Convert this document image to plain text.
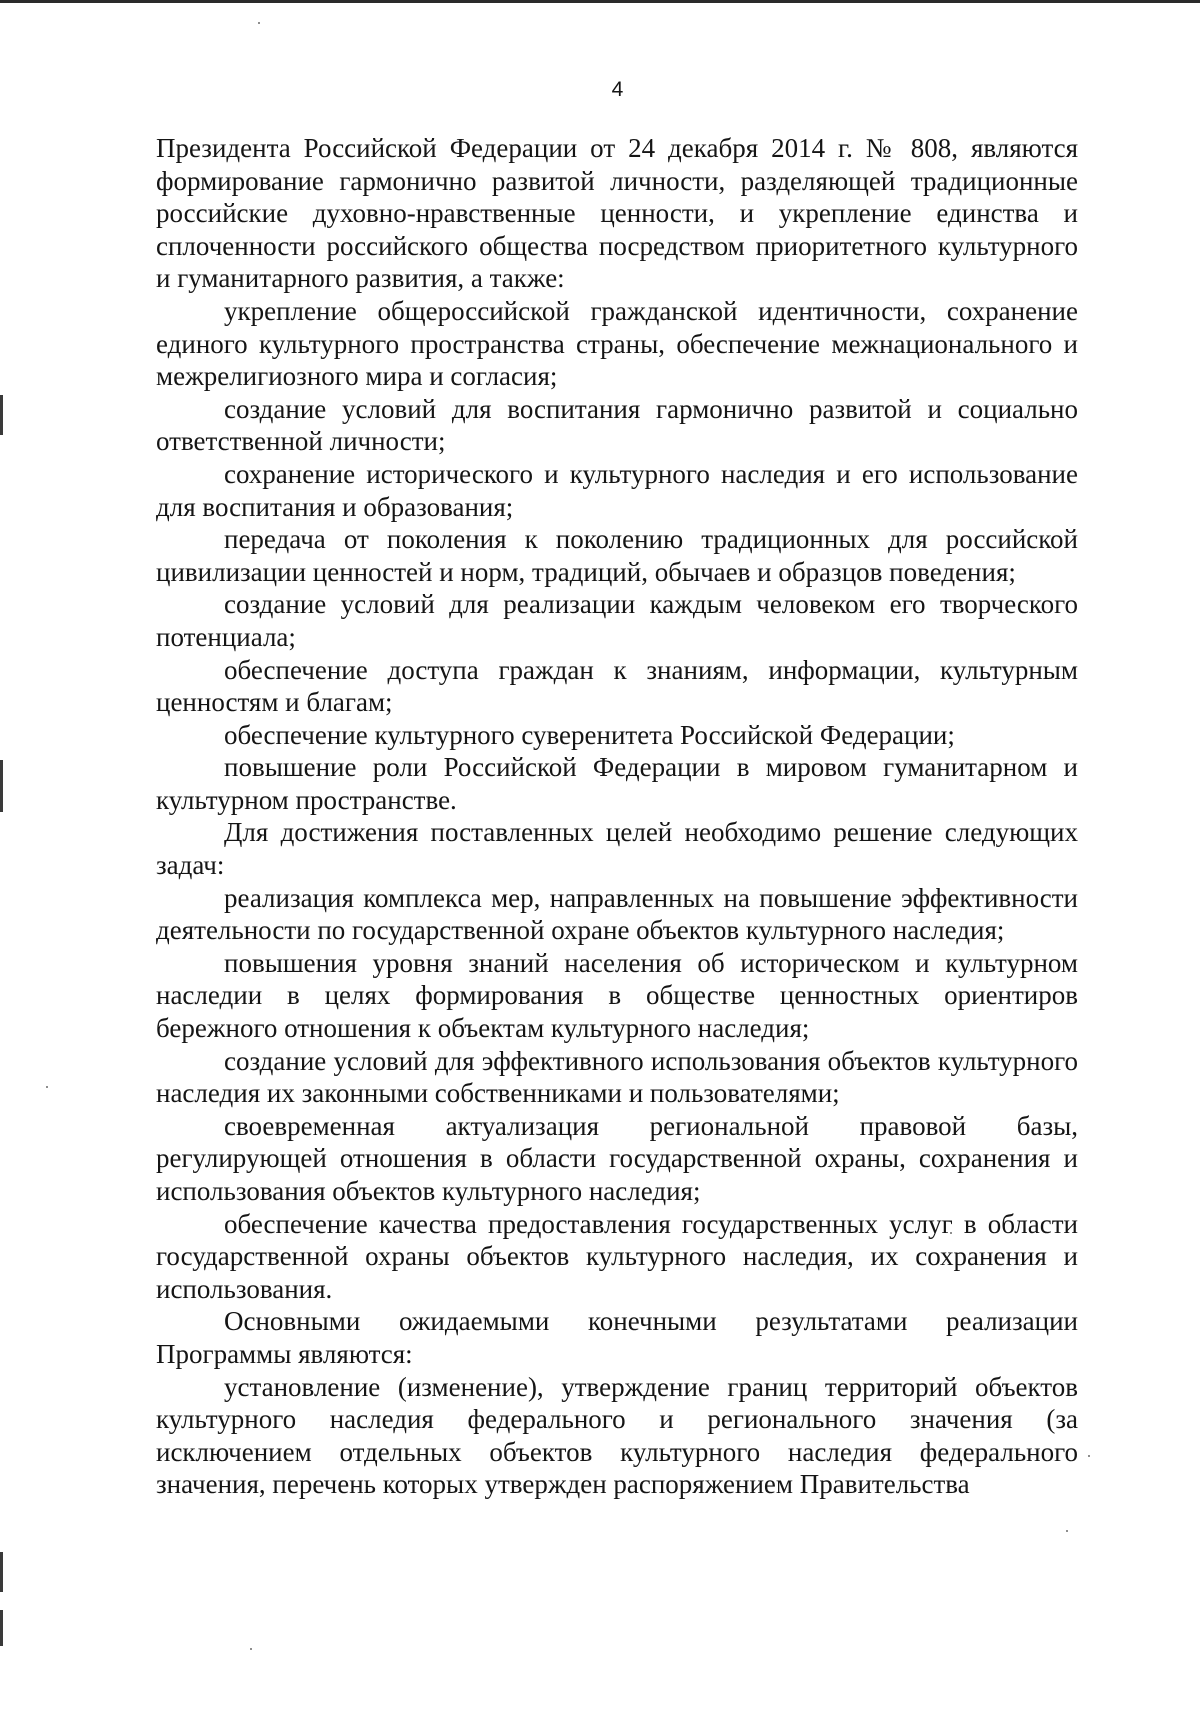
4

Президента Российской Федерации от 24 декабря 2014 г. № 808, являются формирование гармонично развитой личности, разделяющей традиционные российские духовно-нравственные ценности, и укрепление единства и сплоченности российского общества посредством приоритетного культурного и гуманитарного развития, а также:

укрепление общероссийской гражданской идентичности, сохранение единого культурного пространства страны, обеспечение межнационального и межрелигиозного мира и согласия;

создание условий для воспитания гармонично развитой и социально ответственной личности;

сохранение исторического и культурного наследия и его использование для воспитания и образования;

передача от поколения к поколению традиционных для российской цивилизации ценностей и норм, традиций, обычаев и образцов поведения;

создание условий для реализации каждым человеком его творческого потенциала;

обеспечение доступа граждан к знаниям, информации, культурным ценностям и благам;

обеспечение культурного суверенитета Российской Федерации;

повышение роли Российской Федерации в мировом гуманитарном и культурном пространстве.

Для достижения поставленных целей необходимо решение следующих задач:

реализация комплекса мер, направленных на повышение эффективности деятельности по государственной охране объектов культурного наследия;

повышения уровня знаний населения об историческом и культурном наследии в целях формирования в обществе ценностных ориентиров бережного отношения к объектам культурного наследия;

создание условий для эффективного использования объектов культурного наследия их законными собственниками и пользователями;

своевременная актуализация региональной правовой базы, регулирующей отношения в области государственной охраны, сохранения и использования объектов культурного наследия;

обеспечение качества предоставления государственных услуг в области государственной охраны объектов культурного наследия, их сохранения и использования.

Основными ожидаемыми конечными результатами реализации Программы являются:

установление (изменение), утверждение границ территорий объектов культурного наследия федерального и регионального значения (за исключением отдельных объектов культурного наследия федерального значения, перечень которых утвержден распоряжением Правительства
